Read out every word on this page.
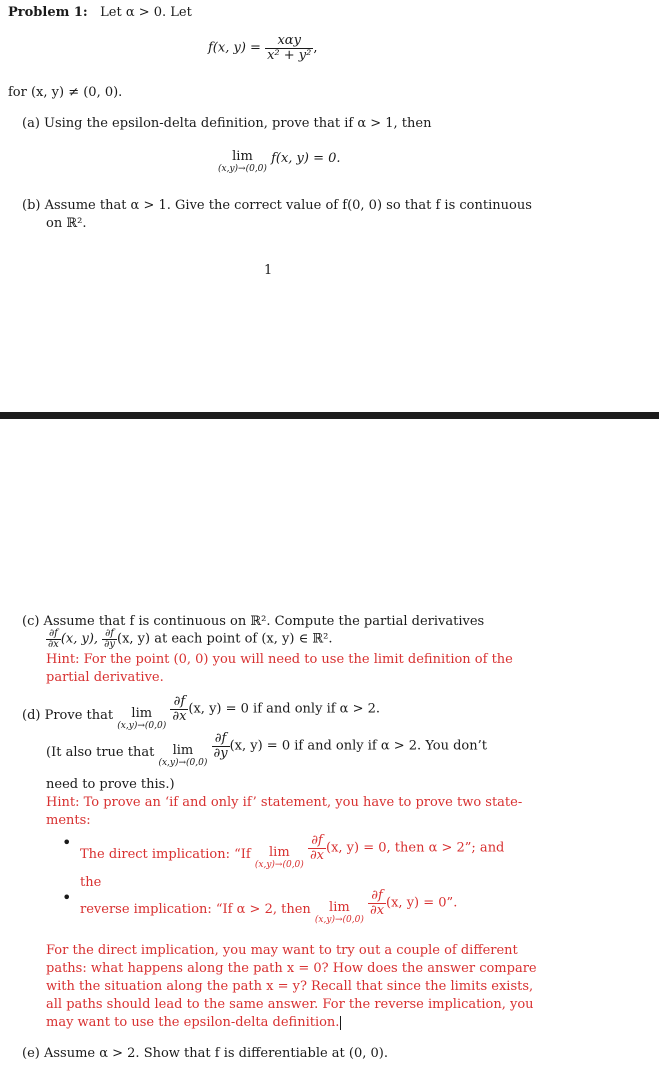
Problem 1: Let α > 0. Let
f(x, $y) = \frac{\text{xαy}}{\text{x² + y²}}$ ,
for (x, y) ≠ (0, 0).
(a) Using the epsilon-delta definition, prove that if α > 1, then
lim
(x,y)→(0,0)
f(x, y) = 0.
(b) Assume that α > 1. Give the correct value of f(0, 0) so that f is continuous
on ℝ².
1
(c) Assume that f is continuous on ℝ². Compute the partial derivatives
$\frac{\partial f}{\partial x} (x$, y), $\frac{\partial f}{\partial y} (x$, y) at each point of (x, y) ∈ ℝ².
Hint: For the point (0, 0) you will need to use the limit definition of the
partial derivative.
(d) Prove that	lim
(x,y)→(0,0)

$\frac{\partial f}{\partial x} (x$, y) = 0 if and only if α > 2.
(It also true that	lim
(x,y)→(0,0)

$\frac{\partial f}{\partial y} (x$, y) = 0 if and only if α > 2. You don’t
need to prove this.)
Hint: To prove an ‘if and only if’ statement, you have to prove two state-
ments:
• The direct implication: “If	lim
(x,y)→(0,0)

$\frac{\partial f}{\partial x} (x$, y) = 0, then α > 2”; and
the
• reverse implication: “If α > 2, then	lim
(x,y)→(0,0)

$\frac{\partial f}{\partial x} (x$, y) = 0”.
For the direct implication, you may want to try out a couple of different
paths: what happens along the path x = 0? How does the answer compare
with the situation along the path x = y? Recall that since the limits exists,
all paths should lead to the same answer. For the reverse implication, you
may want to use the epsilon-delta definition.
(e) Assume α > 2. Show that f is differentiable at (0, 0).
